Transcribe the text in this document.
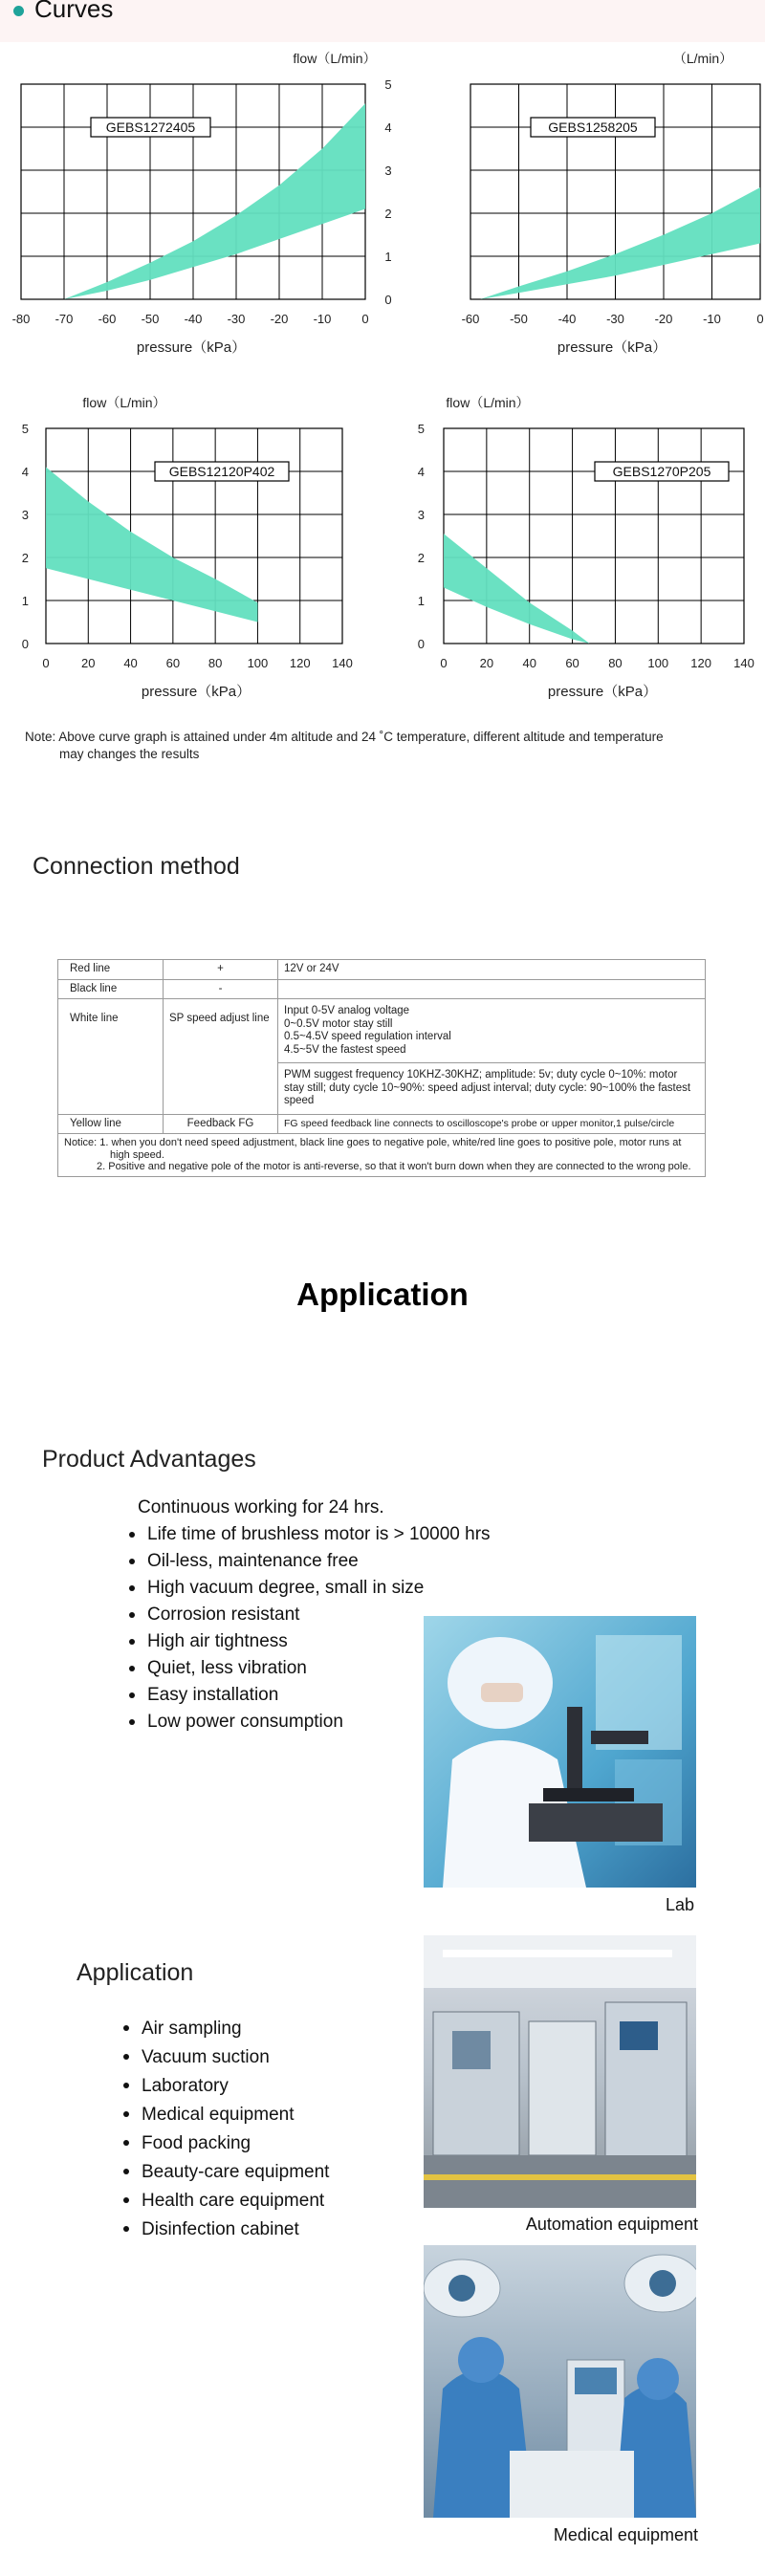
Curves
GEBS1272405
-80 -70 -60 -50 -40 -30 -20 -10 0
0
1
2
3
4
5
flow（L/min）
pressure（kPa）
GEBS1258205
-60 -50 -40 -30 -20 -10	0
（L/min）
pressure（kPa）
GEBS12120P402
0	20 40 60 80 100 120 140
0
1
2
3
4
5
flow（L/min）
pressure（kPa）
GEBS1270P205
0	20 40 60 80 100 120 140
0
1
2
3
4
5
flow（L/min）
pressure（kPa）
Note: Above curve graph is attained under 4m altitude and 24 ˚C temperature, different altitude and temperature
may changes the results
Connection method
Red line	+	12V or 24V
Black line	-	
White line	SP speed adjust line	Input 0-5V analog voltage
0~0.5V motor stay still
0.5~4.5V speed regulation interval
4.5~5V the fastest speed

		PWM suggest frequency 10KHZ-30KHZ; amplitude: 5v; duty cycle 0~10%: motor stay still; duty cycle 10~90%: speed adjust interval; duty cycle: 90~100% the fastest speed
Yellow line	Feedback FG	FG speed feedback line connects to oscilloscope's probe or upper monitor,1 pulse/circle
Notice: 1. when you don't need speed adjustment, black line goes to negative pole, white/red line goes to positive pole, motor runs at
high speed.
2. Positive and negative pole of the motor is anti-reverse, so that it won't burn down when they are connected to the wrong pole.		
Application
Product Advantages
Continuous working for 24 hrs.
Life time of brushless motor is > 10000 hrs
Oil-less, maintenance free
High vacuum degree, small in size
Corrosion resistant
High air tightness
Quiet, less vibration
Easy installation
Low power consumption
Lab
Application
Air sampling
Vacuum suction
Laboratory
Medical equipment
Food packing
Beauty-care equipment
Health care equipment
Disinfection cabinet	Automation equipment
Medical equipment
